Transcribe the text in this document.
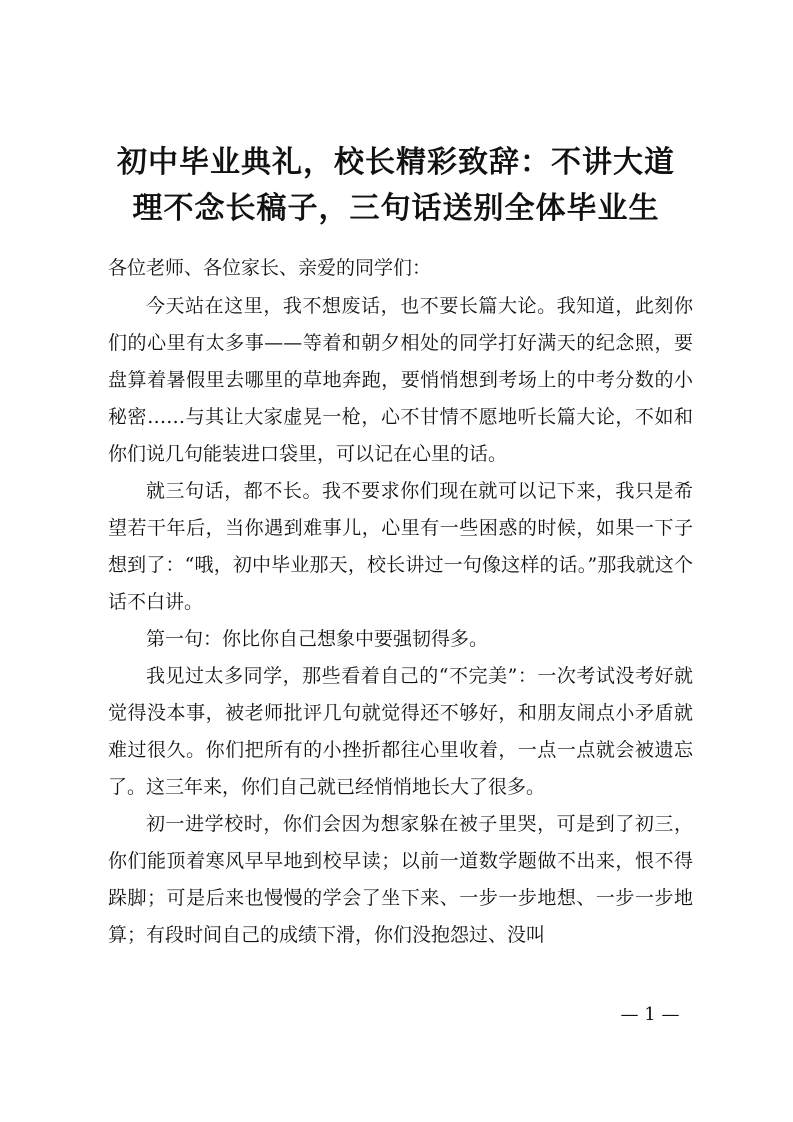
初中毕业典礼，校长精彩致辞：不讲大道
理不念长稿子，三句话送别全体毕业生

各位老师、各位家长、亲爱的同学们：

今天站在这里，我不想废话，也不要长篇大论。我知道，此刻你们的心里有太多事——等着和朝夕相处的同学打好满天的纪念照，要盘算着暑假里去哪里的草地奔跑，要悄悄想到考场上的中考分数的小秘密……与其让大家虚晃一枪，心不甘情不愿地听长篇大论，不如和你们说几句能装进口袋里，可以记在心里的话。

就三句话，都不长。我不要求你们现在就可以记下来，我只是希望若干年后，当你遇到难事儿，心里有一些困惑的时候，如果一下子想到了：“哦，初中毕业那天，校长讲过一句像这样的话。”那我就这个话不白讲。

第一句：你比你自己想象中要强韧得多。

我见过太多同学，那些看着自己的“不完美”：一次考试没考好就觉得没本事，被老师批评几句就觉得还不够好，和朋友闹点小矛盾就难过很久。你们把所有的小挫折都往心里收着，一点一点就会被遗忘了。这三年来，你们自己就已经悄悄地长大了很多。

初一进学校时，你们会因为想家躲在被子里哭，可是到了初三，你们能顶着寒风早早地到校早读；以前一道数学题做不出来，恨不得跺脚；可是后来也慢慢的学会了坐下来、一步一步地想、一步一步地算；有段时间自己的成绩下滑，你们没抱怨过、没叫

— 1 —
